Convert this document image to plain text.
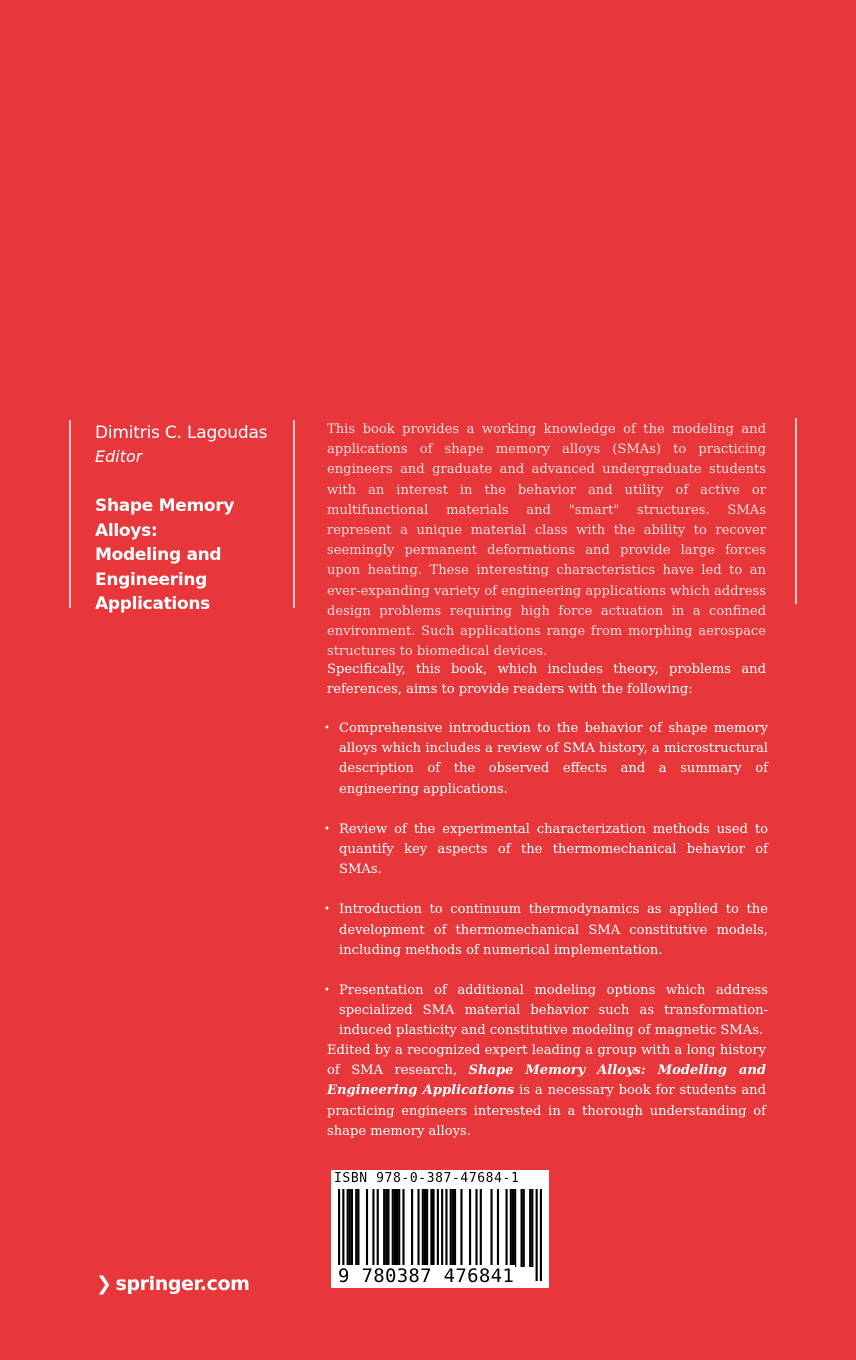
Dimitris C. Lagoudas
Editor
Shape Memory Alloys:
Modeling and
Engineering
Applications
This book provides a working knowledge of the modeling and applications of shape memory alloys (SMAs) to practicing engineers and graduate and advanced undergraduate students with an interest in the behavior and utility of active or multifunctional materials and "smart" structures. SMAs represent a unique material class with the ability to recover seemingly permanent deformations and provide large forces upon heating. These interesting characteristics have led to an ever-expanding variety of engineering applications which address design problems requiring high force actuation in a confined environment. Such applications range from morphing aerospace structures to biomedical devices.
Specifically, this book, which includes theory, problems and references, aims to provide readers with the following:
• Comprehensive introduction to the behavior of shape memory alloys which includes a review of SMA history, a microstructural description of the observed effects and a summary of engineering applications.
• Review of the experimental characterization methods used to quantify key aspects of the thermomechanical behavior of SMAs.
• Introduction to continuum thermodynamics as applied to the development of thermomechanical SMA constitutive models, including methods of numerical implementation.
• Presentation of additional modeling options which address specialized SMA material behavior such as transformation-induced plasticity and constitutive modeling of magnetic SMAs.
Edited by a recognized expert leading a group with a long history of SMA research, Shape Memory Alloys: Modeling and Engineering Applications is a necessary book for students and practicing engineers interested in a thorough understanding of shape memory alloys.
❯ springer.com
ISBN 978-0-387-47684-1
9 780387 476841
